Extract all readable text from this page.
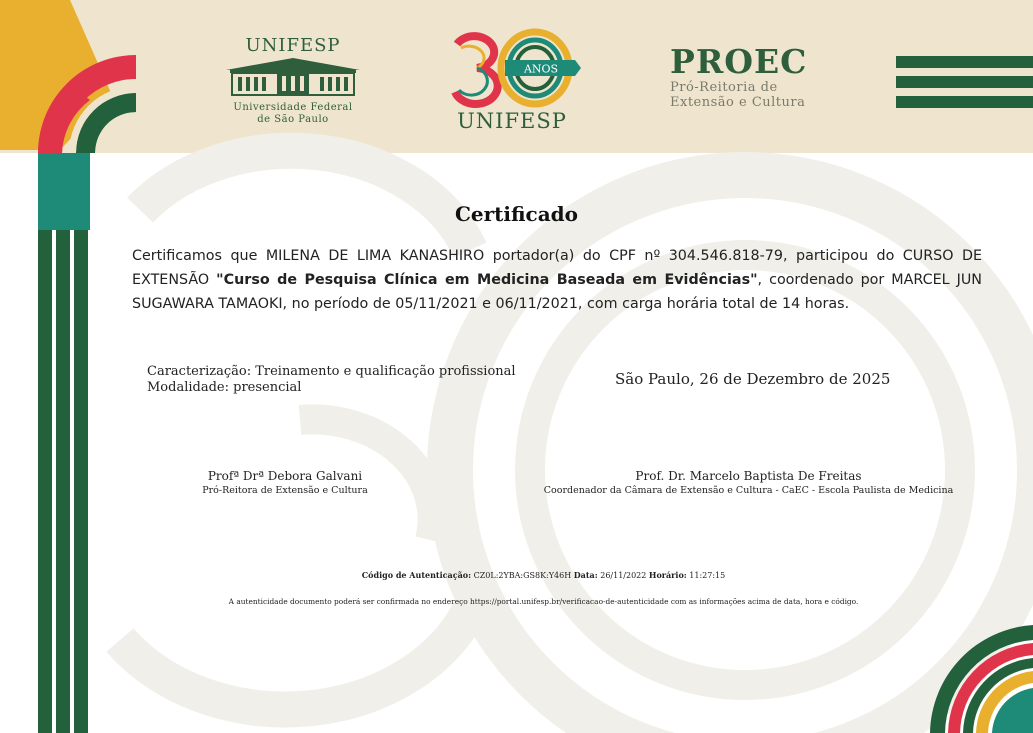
UNIFESP
Universidade Federal
de São Paulo
ANOS
UNIFESP
PROEC
Pró-Reitoria de
Extensão e Cultura
Certificado
Certificamos que MILENA DE LIMA KANASHIRO portador(a) do CPF nº 304.546.818-79, participou do CURSO DE EXTENSÃO "Curso de Pesquisa Clínica em Medicina Baseada em Evidências", coordenado por MARCEL JUN SUGAWARA TAMAOKI, no período de 05/11/2021 e 06/11/2021, com carga horária total de 14 horas.
Caracterização: Treinamento e qualificação profissional
Modalidade: presencial	São Paulo, 26 de Dezembro de 2025
Profª Drª Debora Galvani
Pró-Reitora de Extensão e Cultura
Prof. Dr. Marcelo Baptista De Freitas
Coordenador da Câmara de Extensão e Cultura - CaEC - Escola Paulista de Medicina
Código de Autenticação: CZ0L:2YBA:GS8K:Y46H Data: 26/11/2022 Horário: 11:27:15
A autenticidade documento poderá ser confirmada no endereço https://portal.unifesp.br/verificacao-de-autenticidade com as informações acima de data, hora e código.
